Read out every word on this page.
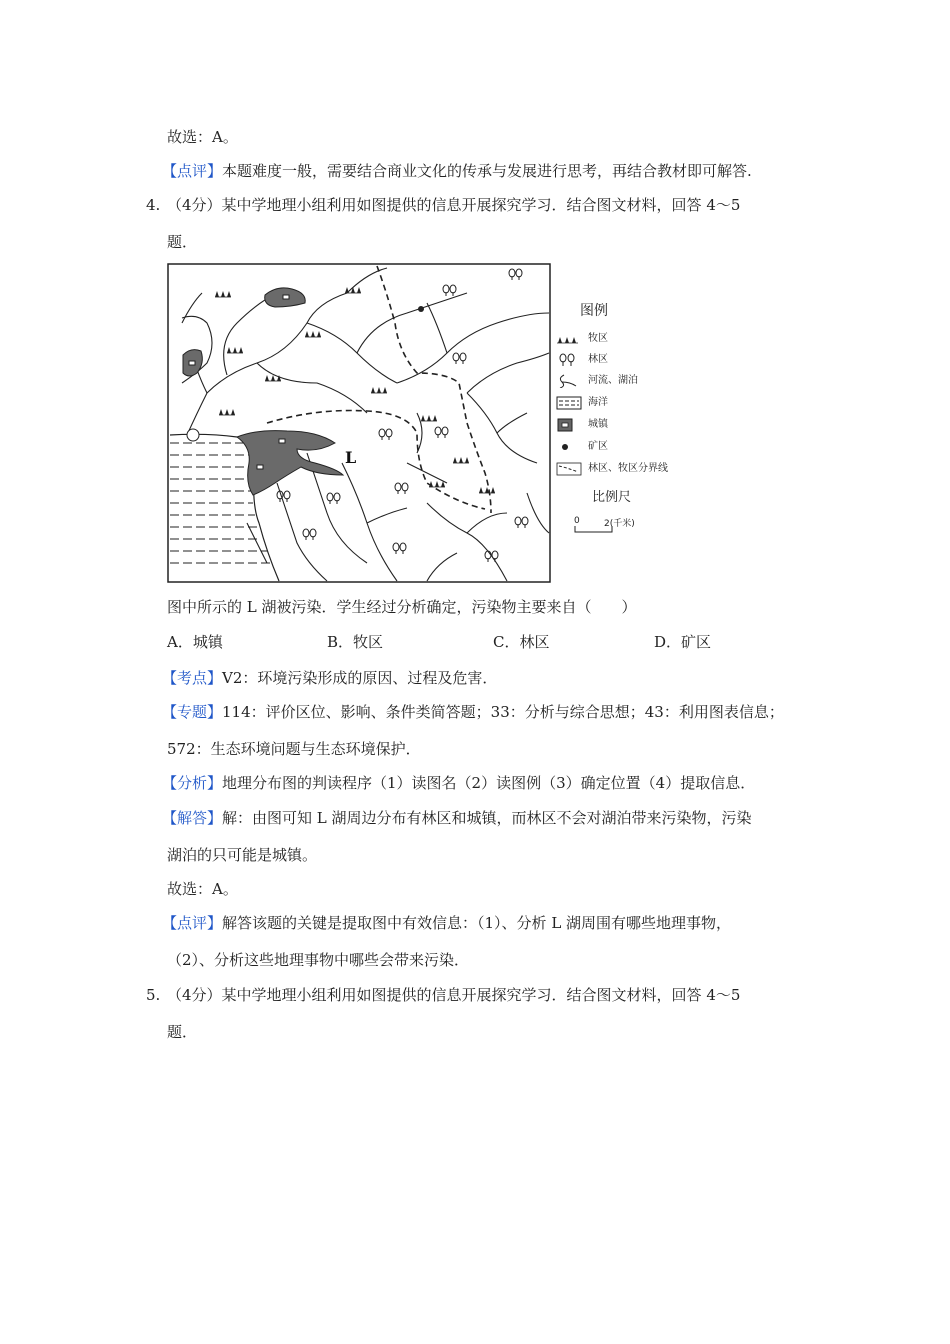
故选：A。
【点评】本题难度一般，需要结合商业文化的传承与发展进行思考，再结合教材即可解答.
4. （4分）某中学地理小组利用如图提供的信息开展探究学习．结合图文材料，回答 4～5
题．
L
图例
牧区
林区
河流、湖泊
海洋
城镇
矿区
林区、牧区分界线
比例尺
0	2(千米)
图中所示的 L 湖被污染．学生经过分析确定，污染物主要来自（　　）
A．城镇	B．牧区	C．林区	D．矿区
【考点】V2：环境污染形成的原因、过程及危害．
【专题】114：评价区位、影响、条件类简答题；33：分析与综合思想；43：利用图表信息；
572：生态环境问题与生态环境保护．
【分析】地理分布图的判读程序（1）读图名（2）读图例（3）确定位置（4）提取信息．
【解答】解：由图可知 L 湖周边分布有林区和城镇，而林区不会对湖泊带来污染物，污染
湖泊的只可能是城镇。
故选：A。
【点评】解答该题的关键是提取图中有效信息：（1）、分析 L 湖周围有哪些地理事物，
（2）、分析这些地理事物中哪些会带来污染．
5. （4分）某中学地理小组利用如图提供的信息开展探究学习．结合图文材料，回答 4～5
题．
